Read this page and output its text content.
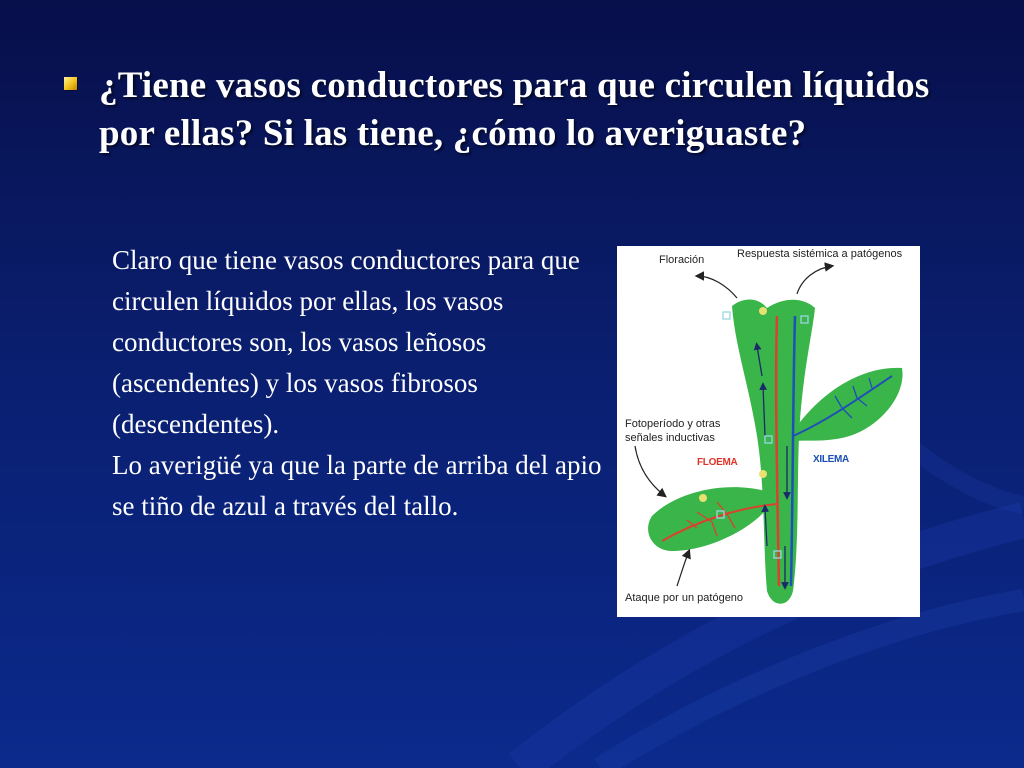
¿Tiene vasos conductores para que circulen líquidos por ellas? Si las tiene, ¿cómo lo averiguaste?

Claro que tiene vasos conductores para que circulen líquidos por ellas, los vasos conductores son, los vasos leñosos (ascendentes) y los vasos fibrosos (descendentes).

Lo averigüé ya que la parte de arriba del apio se tiño de azul a través del tallo.

Floración	Respuesta sistémica a patógenos
Fotoperíodo y otras
señales inductivas
FLOEMA	XILEMA
Ataque por un patógeno
